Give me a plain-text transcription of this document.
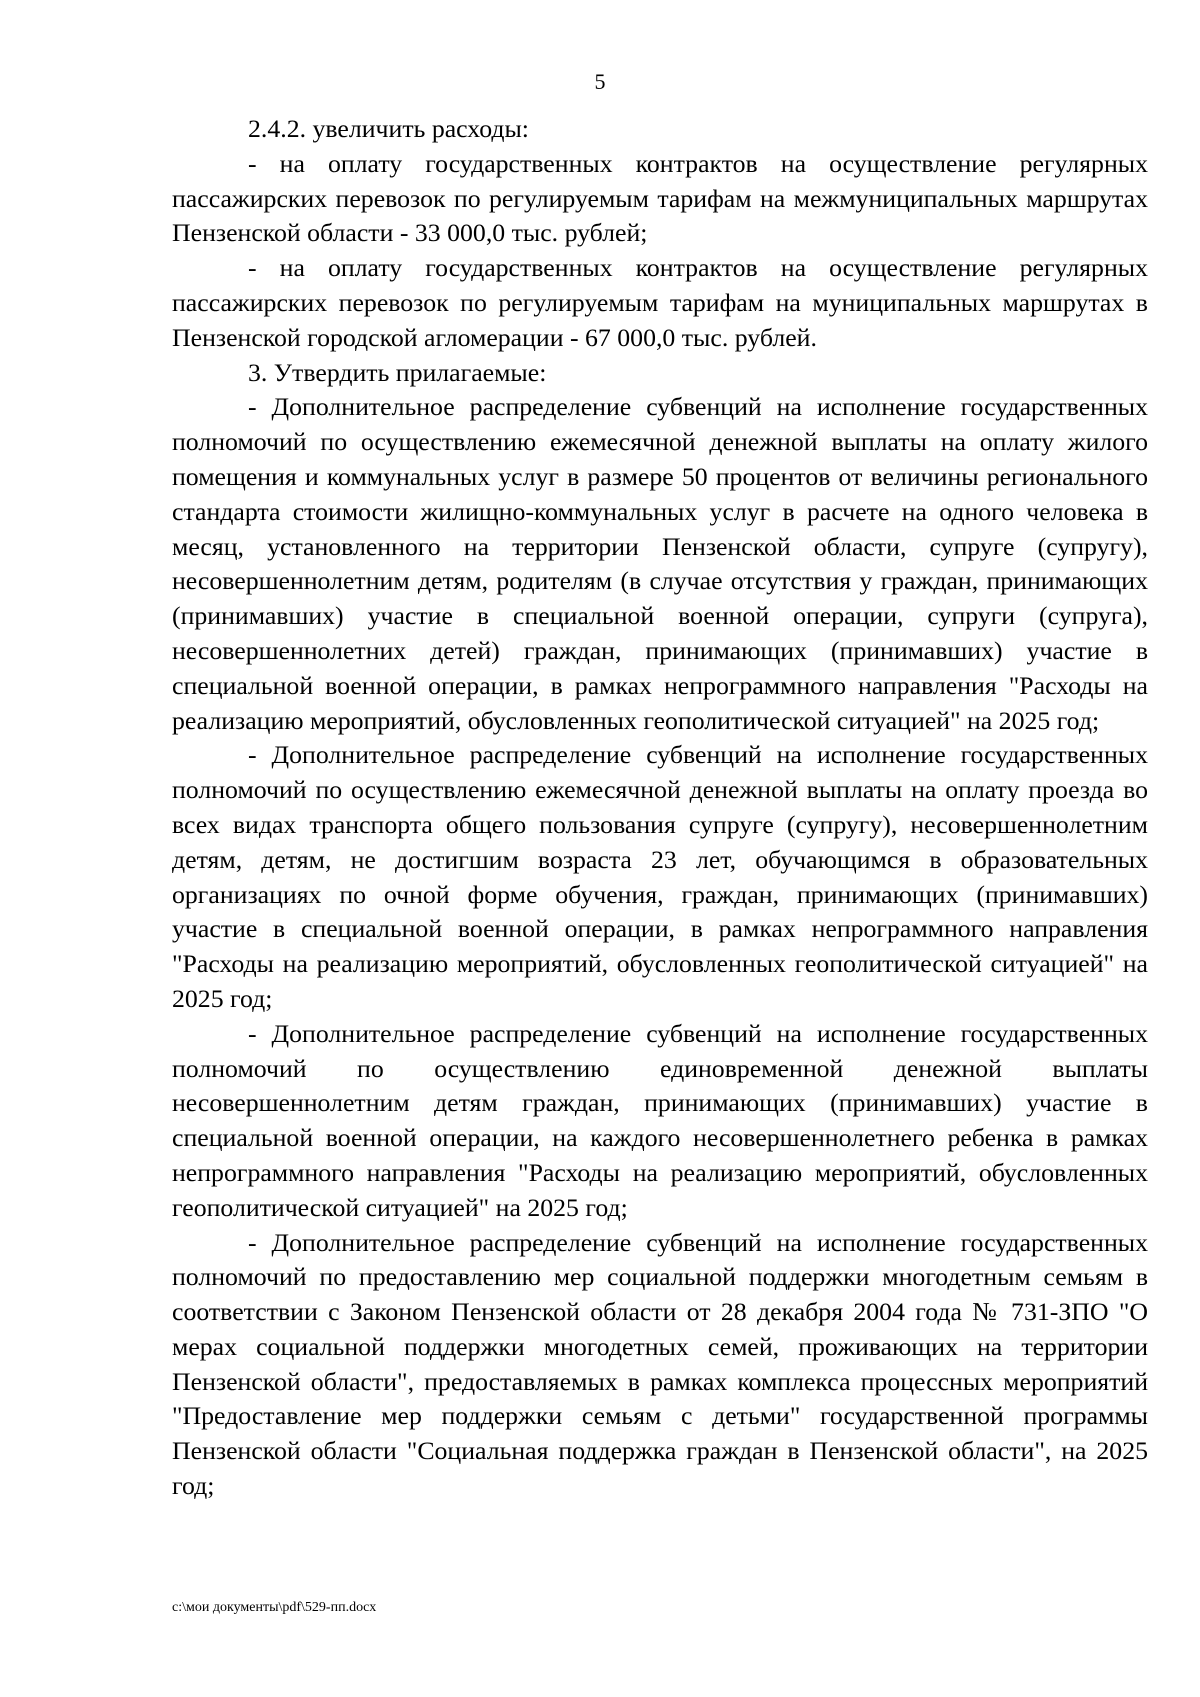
5

2.4.2. увеличить расходы:

- на оплату государственных контрактов на осуществление регулярных пассажирских перевозок по регулируемым тарифам на межмуниципальных маршрутах Пензенской области - 33 000,0 тыс. рублей;

- на оплату государственных контрактов на осуществление регулярных пассажирских перевозок по регулируемым тарифам на муниципальных маршрутах в Пензенской городской агломерации - 67 000,0 тыс. рублей.

3. Утвердить прилагаемые:

- Дополнительное распределение субвенций на исполнение государственных полномочий по осуществлению ежемесячной денежной выплаты на оплату жилого помещения и коммунальных услуг в размере 50 процентов от величины регионального стандарта стоимости жилищно-коммунальных услуг в расчете на одного человека в месяц, установленного на территории Пензенской области, супруге (супругу), несовершеннолетним детям, родителям (в случае отсутствия у граждан, принимающих (принимавших) участие в специальной военной операции, супруги (супруга), несовершеннолетних детей) граждан, принимающих (принимавших) участие в специальной военной операции, в рамках непрограммного направления "Расходы на реализацию мероприятий, обусловленных геополитической ситуацией" на 2025 год;

- Дополнительное распределение субвенций на исполнение государственных полномочий по осуществлению ежемесячной денежной выплаты на оплату проезда во всех видах транспорта общего пользования супруге (супругу), несовершеннолетним детям, детям, не достигшим возраста 23 лет, обучающимся в образовательных организациях по очной форме обучения, граждан, принимающих (принимавших) участие в специальной военной операции, в рамках непрограммного направления "Расходы на реализацию мероприятий, обусловленных геополитической ситуацией" на 2025 год;

- Дополнительное распределение субвенций на исполнение государственных полномочий по осуществлению единовременной денежной выплаты несовершеннолетним детям граждан, принимающих (принимавших) участие в специальной военной операции, на каждого несовершеннолетнего ребенка в рамках непрограммного направления "Расходы на реализацию мероприятий, обусловленных геополитической ситуацией" на 2025 год;

- Дополнительное распределение субвенций на исполнение государственных полномочий по предоставлению мер социальной поддержки многодетным семьям в соответствии с Законом Пензенской области от 28 декабря 2004 года № 731-ЗПО "О мерах социальной поддержки многодетных семей, проживающих на территории Пензенской области", предоставляемых в рамках комплекса процессных мероприятий "Предоставление мер поддержки семьям с детьми" государственной программы Пензенской области "Социальная поддержка граждан в Пензенской области", на 2025 год;

c:\мои документы\pdf\529-пп.docx
